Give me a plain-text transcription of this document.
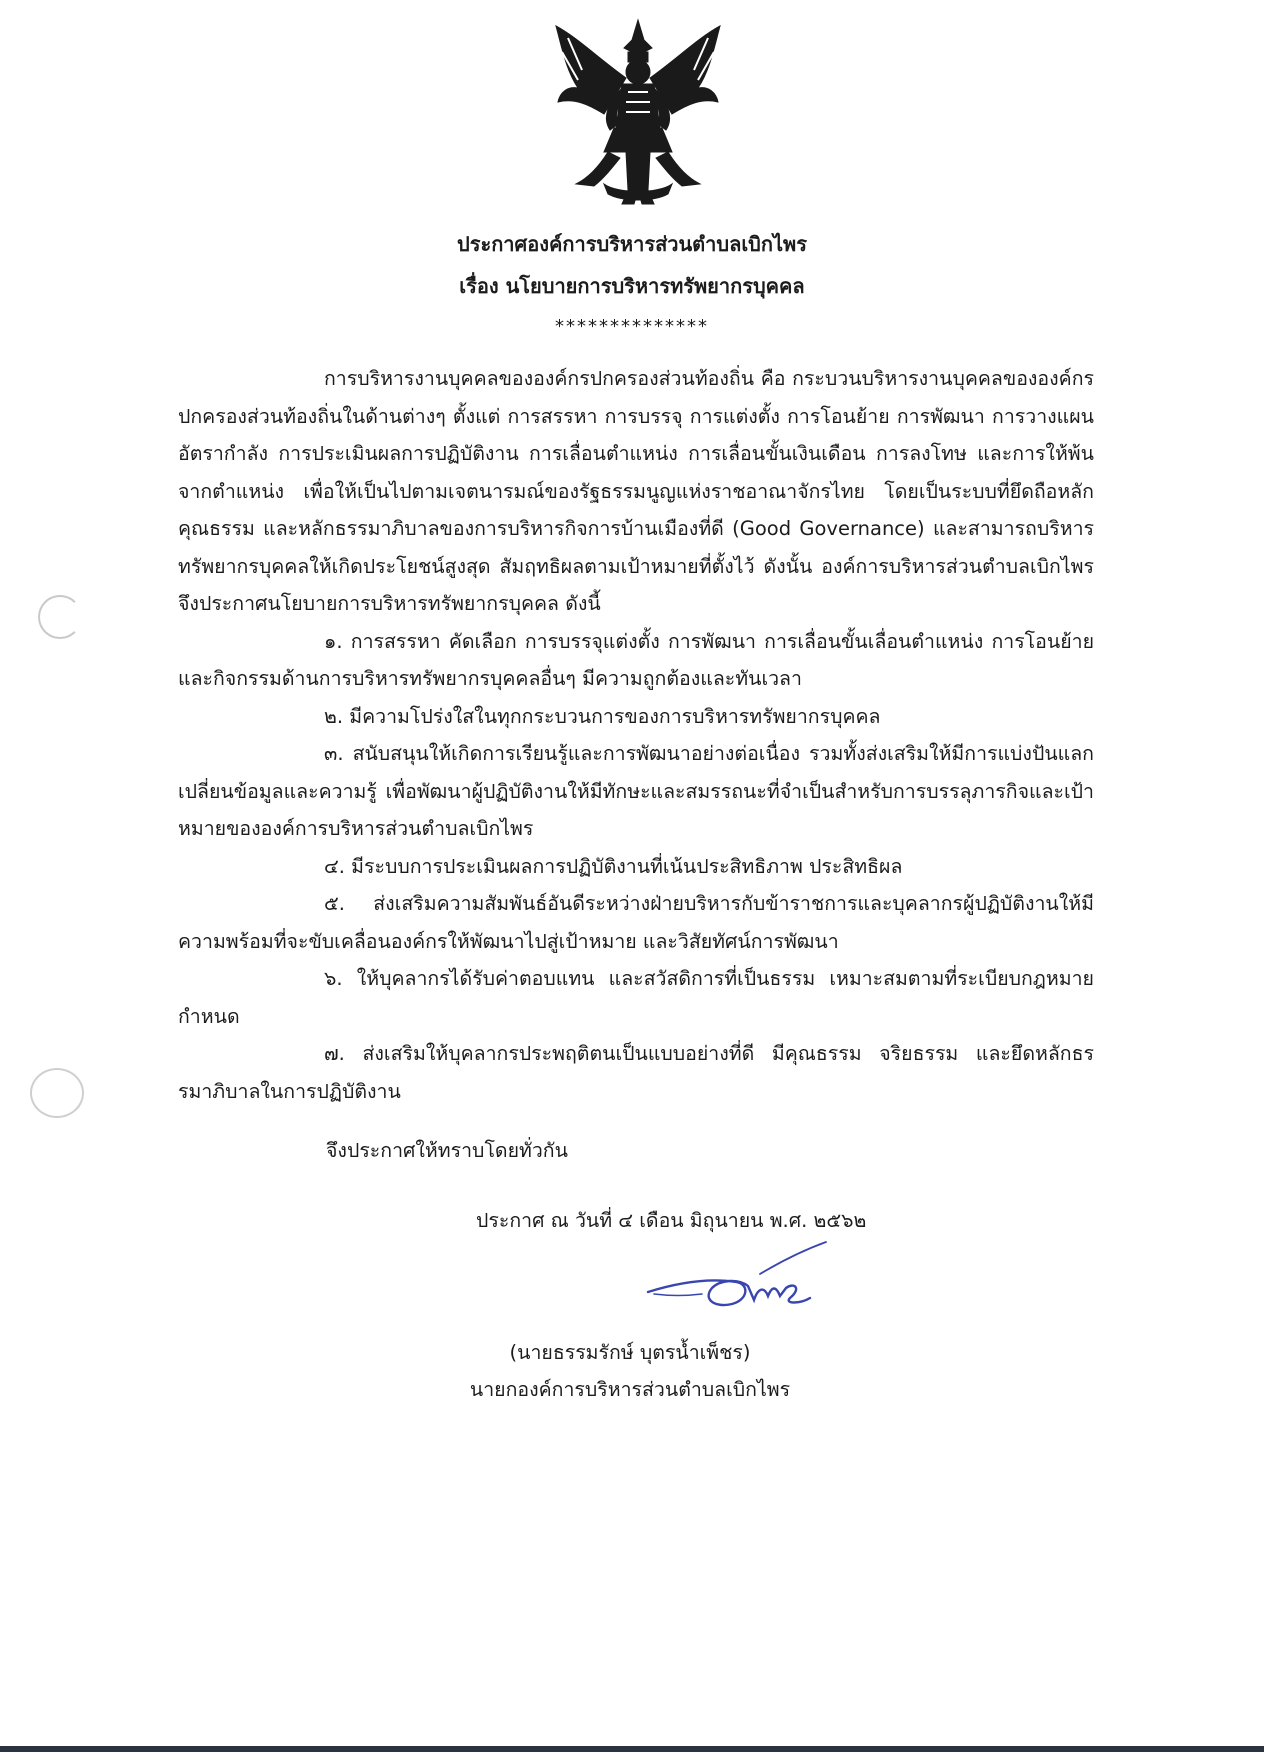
ประกาศองค์การบริหารส่วนตำบลเบิกไพร
เรื่อง นโยบายการบริหารทรัพยากรบุคคล
**************

การบริหารงานบุคคลขององค์กรปกครองส่วนท้องถิ่น คือ กระบวนบริหารงานบุคคลขององค์กรปกครองส่วนท้องถิ่นในด้านต่างๆ ตั้งแต่ การสรรหา การบรรจุ การแต่งตั้ง การโอนย้าย การพัฒนา การวางแผนอัตรากำลัง การประเมินผลการปฏิบัติงาน การเลื่อนตำแหน่ง การเลื่อนขั้นเงินเดือน การลงโทษ และการให้พ้นจากตำแหน่ง เพื่อให้เป็นไปตามเจตนารมณ์ของรัฐธรรมนูญแห่งราชอาณาจักรไทย โดยเป็นระบบที่ยึดถือหลักคุณธรรม และหลักธรรมาภิบาลของการบริหารกิจการบ้านเมืองที่ดี (Good Governance) และสามารถบริหารทรัพยากรบุคคลให้เกิดประโยชน์สูงสุด สัมฤทธิผลตามเป้าหมายที่ตั้งไว้ ดังนั้น องค์การบริหารส่วนตำบลเบิกไพร จึงประกาศนโยบายการบริหารทรัพยากรบุคคล ดังนี้

๑. การสรรหา คัดเลือก การบรรจุแต่งตั้ง การพัฒนา การเลื่อนขั้นเลื่อนตำแหน่ง การโอนย้าย และกิจกรรมด้านการบริหารทรัพยากรบุคคลอื่นๆ มีความถูกต้องและทันเวลา

๒. มีความโปร่งใสในทุกกระบวนการของการบริหารทรัพยากรบุคคล

๓. สนับสนุนให้เกิดการเรียนรู้และการพัฒนาอย่างต่อเนื่อง รวมทั้งส่งเสริมให้มีการแบ่งปันแลกเปลี่ยนข้อมูลและความรู้ เพื่อพัฒนาผู้ปฏิบัติงานให้มีทักษะและสมรรถนะที่จำเป็นสำหรับการบรรลุภารกิจและเป้าหมายขององค์การบริหารส่วนตำบลเบิกไพร

๔. มีระบบการประเมินผลการปฏิบัติงานที่เน้นประสิทธิภาพ ประสิทธิผล

๕. ส่งเสริมความสัมพันธ์อันดีระหว่างฝ่ายบริหารกับข้าราชการและบุคลากรผู้ปฏิบัติงานให้มีความพร้อมที่จะขับเคลื่อนองค์กรให้พัฒนาไปสู่เป้าหมาย และวิสัยทัศน์การพัฒนา

๖. ให้บุคลากรได้รับค่าตอบแทน และสวัสดิการที่เป็นธรรม เหมาะสมตามที่ระเบียบกฎหมายกำหนด

๗. ส่งเสริมให้บุคลากรประพฤติตนเป็นแบบอย่างที่ดี มีคุณธรรม จริยธรรม และยึดหลักธรรมาภิบาลในการปฏิบัติงาน

จึงประกาศให้ทราบโดยทั่วกัน
ประกาศ ณ วันที่ ๔ เดือน มิถุนายน พ.ศ. ๒๕๖๒
(นายธรรมรักษ์ บุตรน้ำเพ็ชร)
นายกองค์การบริหารส่วนตำบลเบิกไพร
